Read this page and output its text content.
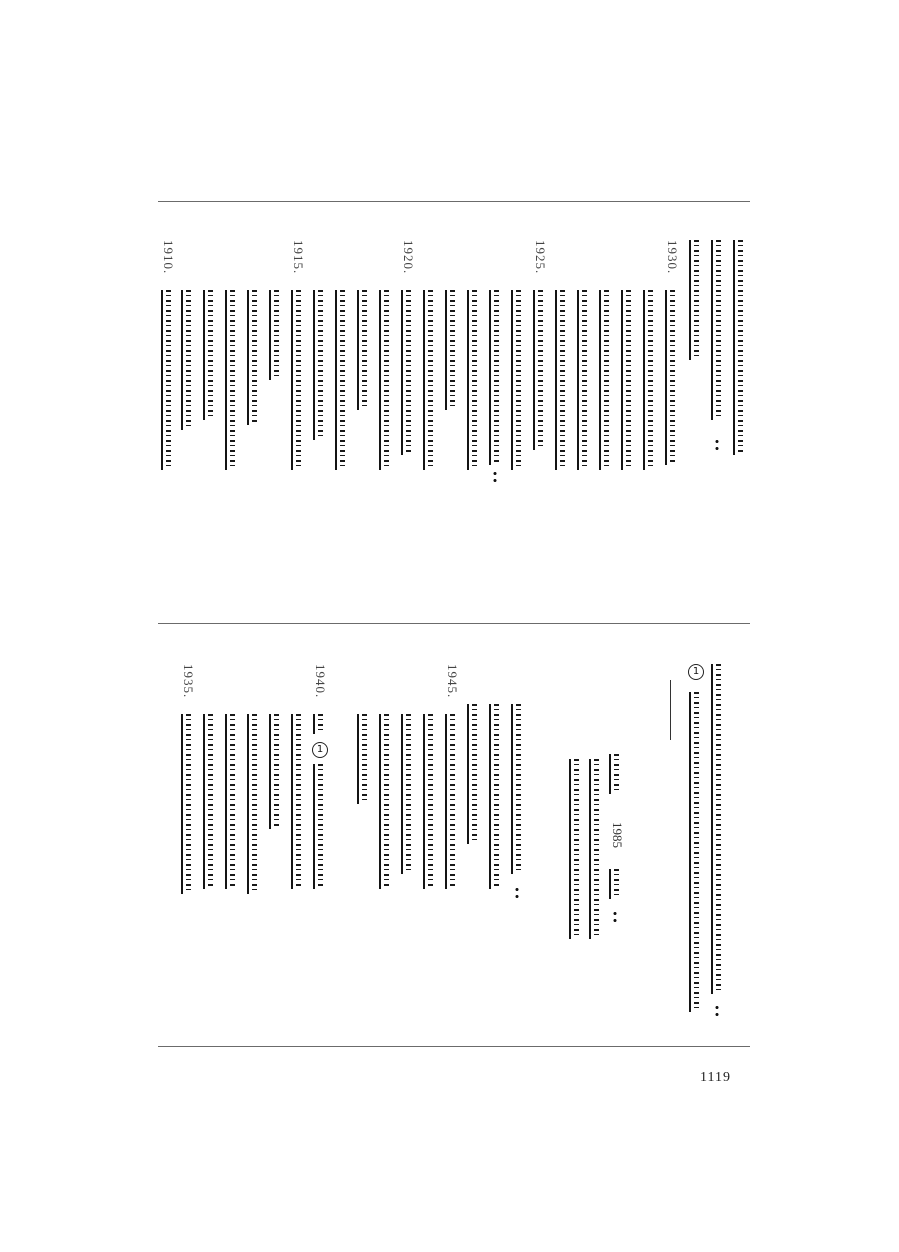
1930.
1925.
1920.
1915.
1910.
1
1985
1945.
1940.
1
1935.
1119
